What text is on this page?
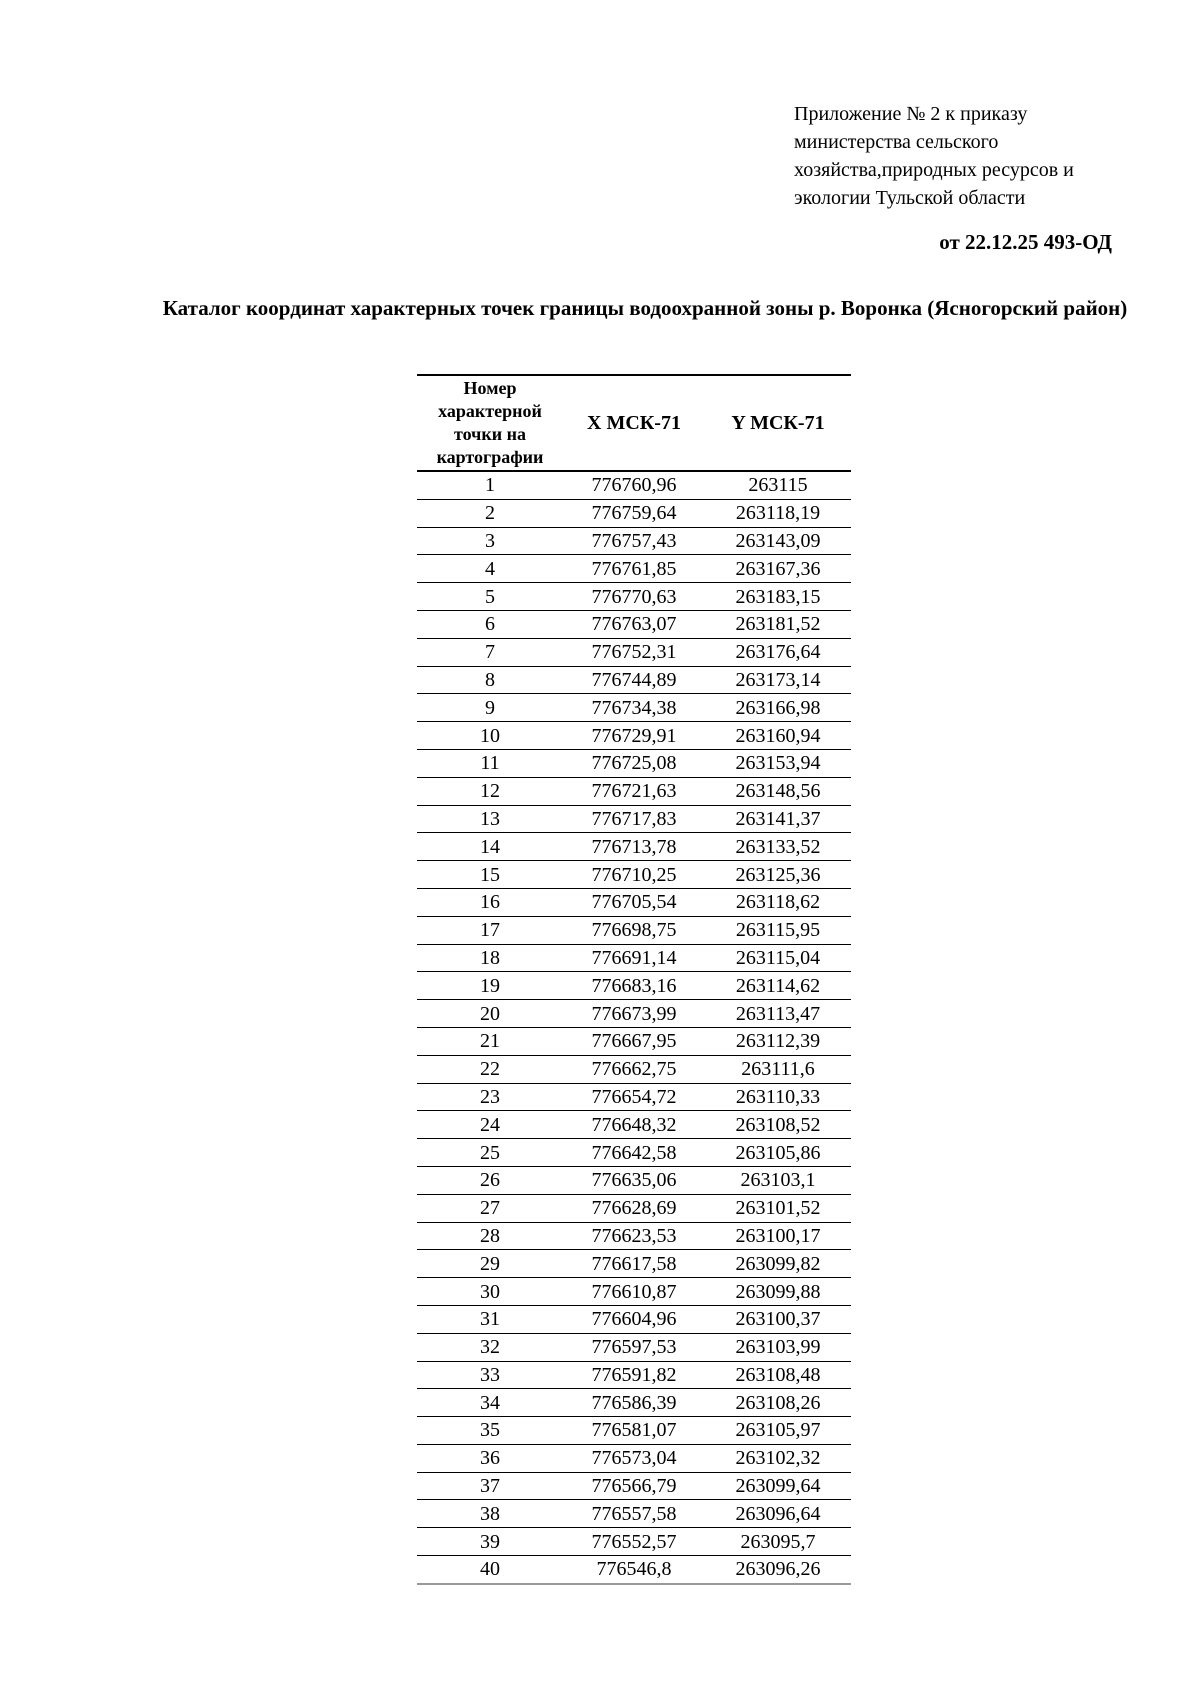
Приложение № 2 к приказу
министерства сельского
хозяйства,природных ресурсов и
экологии Тульской области
от 22.12.25 493-ОД
Каталог координат характерных точек границы водоохранной зоны р. Воронка (Ясногорский район)
Номер
характерной
точки на
картографии	X МСК-71	Y МСК-71
1	776760,96	263115
2	776759,64	263118,19
3	776757,43	263143,09
4	776761,85	263167,36
5	776770,63	263183,15
6	776763,07	263181,52
7	776752,31	263176,64
8	776744,89	263173,14
9	776734,38	263166,98
10	776729,91	263160,94
11	776725,08	263153,94
12	776721,63	263148,56
13	776717,83	263141,37
14	776713,78	263133,52
15	776710,25	263125,36
16	776705,54	263118,62
17	776698,75	263115,95
18	776691,14	263115,04
19	776683,16	263114,62
20	776673,99	263113,47
21	776667,95	263112,39
22	776662,75	263111,6
23	776654,72	263110,33
24	776648,32	263108,52
25	776642,58	263105,86
26	776635,06	263103,1
27	776628,69	263101,52
28	776623,53	263100,17
29	776617,58	263099,82
30	776610,87	263099,88
31	776604,96	263100,37
32	776597,53	263103,99
33	776591,82	263108,48
34	776586,39	263108,26
35	776581,07	263105,97
36	776573,04	263102,32
37	776566,79	263099,64
38	776557,58	263096,64
39	776552,57	263095,7
40	776546,8	263096,26
